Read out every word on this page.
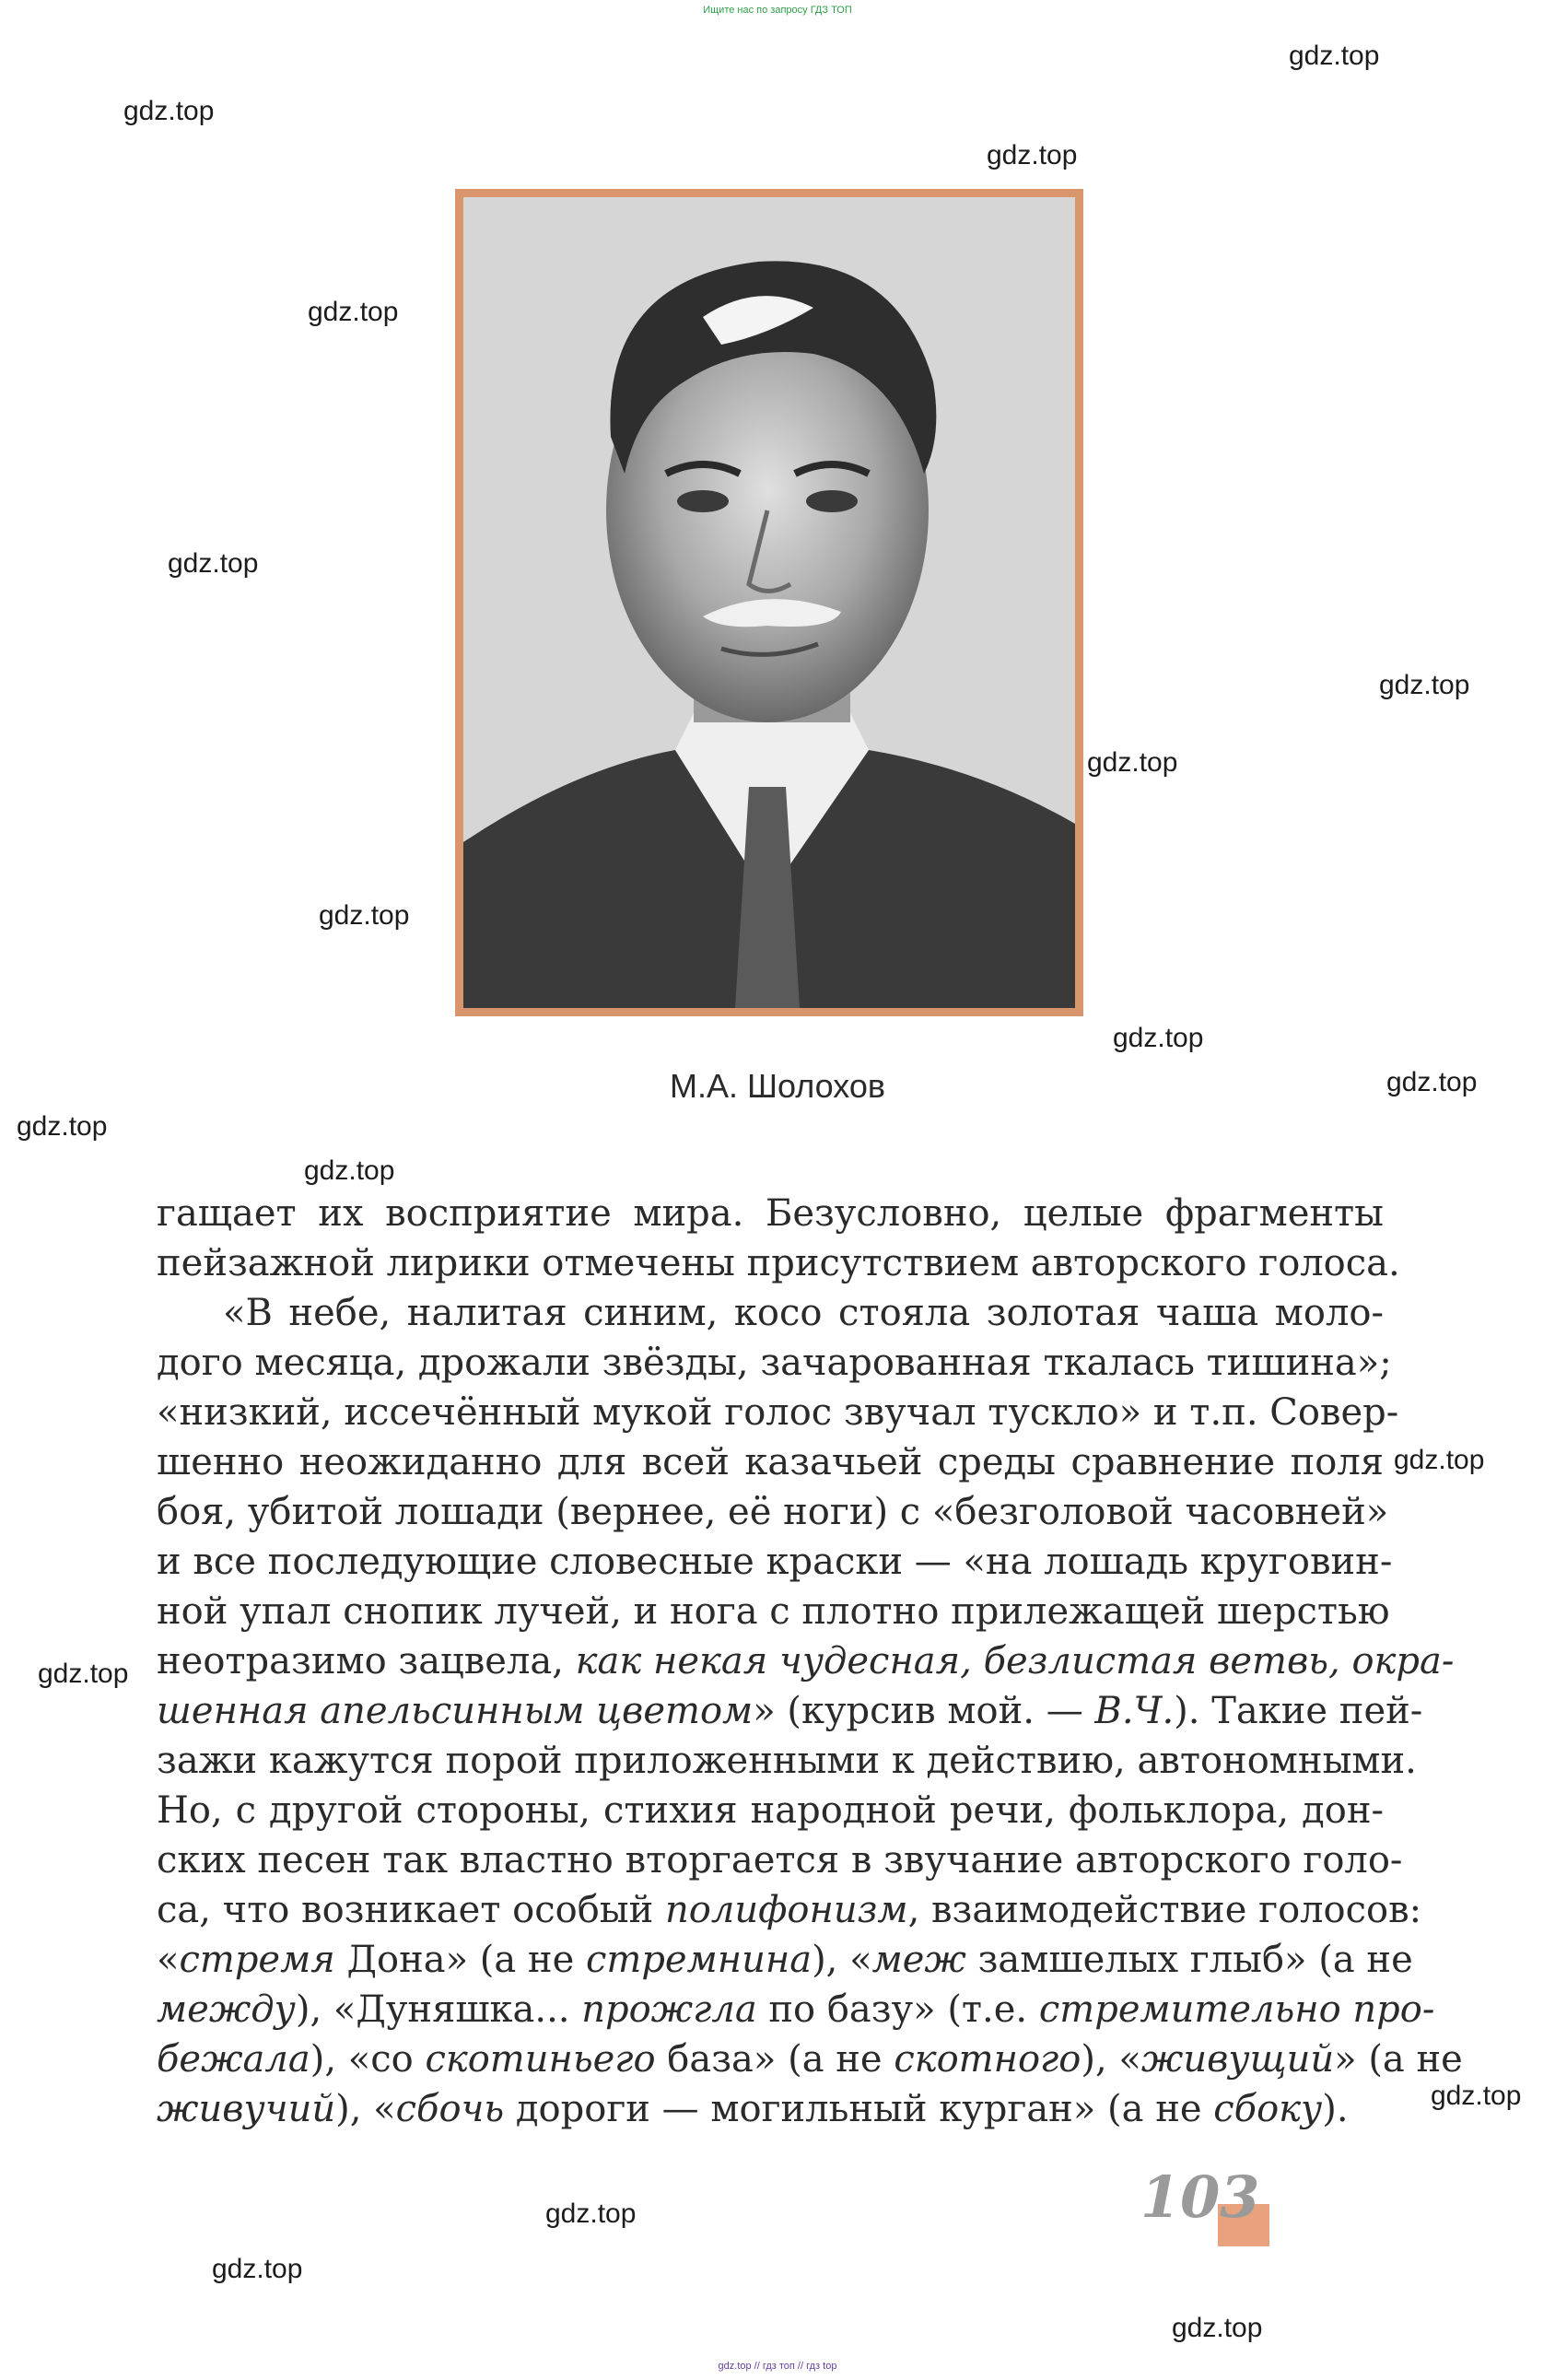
Ищите нас по запросу ГДЗ ТОП
gdz.top
gdz.top
gdz.top
gdz.top
gdz.top
gdz.top
gdz.top
gdz.top
gdz.top
gdz.top
gdz.top
gdz.top
gdz.top
gdz.top
gdz.top
gdz.top
gdz.top
gdz.top
М.А. Шолохов
гащает их восприятие мира. Безусловно, целые фрагменты
пейзажной лирики отмечены присутствием авторского голоса.
«В небе, налитая синим, косо стояла золотая чаша моло-
дого месяца, дрожали звёзды, зачарованная ткалась тишина»;
«низкий, иссечённый мукой голос звучал тускло» и т.п. Совер-
шенно неожиданно для всей казачьей среды сравнение поля
боя, убитой лошади (вернее, её ноги) с «безголовой часовней»
и все последующие словесные краски — «на лошадь круговин-
ной упал снопик лучей, и нога с плотно прилежащей шерстью
неотразимо зацвела, как некая чудесная, безлистая ветвь, окра-
шенная апельсинным цветом» (курсив мой. — В.Ч.). Такие пей-
зажи кажутся порой приложенными к действию, автономными.
Но, с другой стороны, стихия народной речи, фольклора, дон-
ских песен так властно вторгается в звучание авторского голо-
са, что возникает особый полифонизм, взаимодействие голосов:
«стремя Дона» (а не стремнина), «меж замшелых глыб» (а не
между), «Дуняшка... прожгла по базу» (т.е. стремительно про-
бежала), «со скотиньего база» (а не скотного), «живущий» (а не
живучий), «сбочь дороги — могильный курган» (а не сбоку).
103
gdz.top // гдз топ // гдз top
